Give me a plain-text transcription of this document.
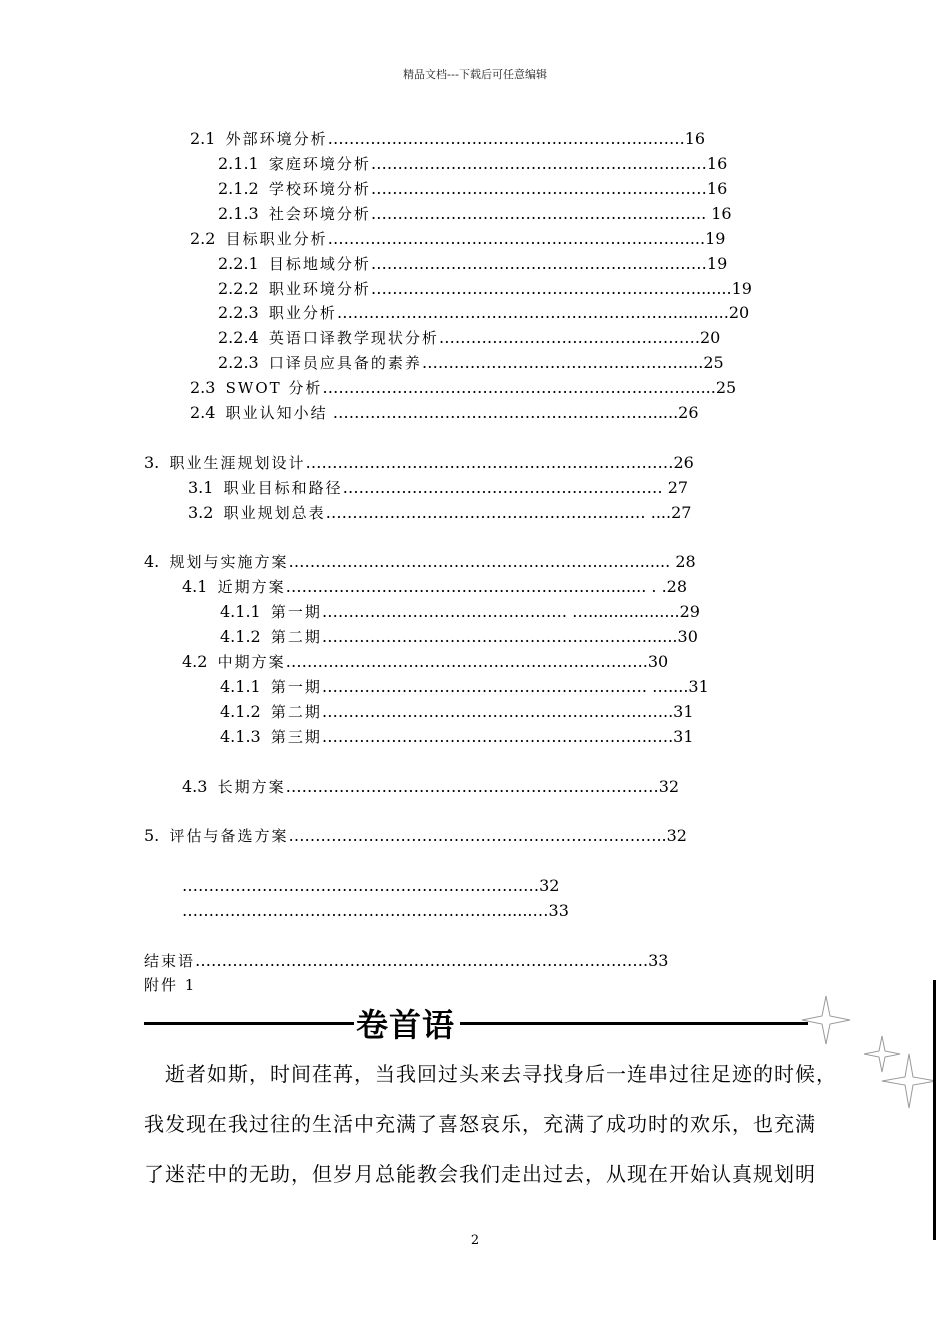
精品文档---下载后可任意编辑
2.1 外部环境分析………………………………………………………….16
2.1.1 家庭环境分析………………………………………………………16
2.1.2 学校环境分析………………………………………………………16
2.1.3 社会环境分析……………………………………………………... 16
2.2 目标职业分析………………………………………………………….....19
2.2.1 目标地域分析………………………………………………………19
2.2.2 职业环境分析……………………………………………………........19
2.2.3 职业分析………………………………………………………...........20
2.2.4 英语口译教学现状分析………………………………………….20
2.2.3 口译员应具备的素养………………………………………….....25
2.3 SWOT 分析…………………………………………………………….....25
2.4 职业认知小结 …………………………………………………….....26
3. 职业生涯规划设计……………………………………………………………26
3.1 职业目标和路径…………………………………………………… 27
3.2 职业规划总表…………………………………………………… ....27
4. 规划与实施方案…………………………………………………..……....... 28
4.1 近期方案……………………………………………………........ . .28
4.1.1 第一期………………………………………. …..................29
4.1.2 第二期…………………………………………………….......30
4.2 中期方案…………………………………………………………..30
4.1.1 第一期……………………………………………………. …....31
4.1.2 第二期………………………………………………………...31
4.1.3 第三期……………………………………………………..….31
4.3 长期方案………………………………………………………….…32
5. 评估与备选方案……………………………………………………………..32
……………………………………………………….…32
……………………………………………………......…33
结束语………………………………………………………………………….33
附件 1
卷首语
　逝者如斯，时间荏苒，当我回过头来去寻找身后一连串过往足迹的时候，
我发现在我过往的生活中充满了喜怒哀乐，充满了成功时的欢乐，也充满
了迷茫中的无助，但岁月总能教会我们走出过去，从现在开始认真规划明
2
